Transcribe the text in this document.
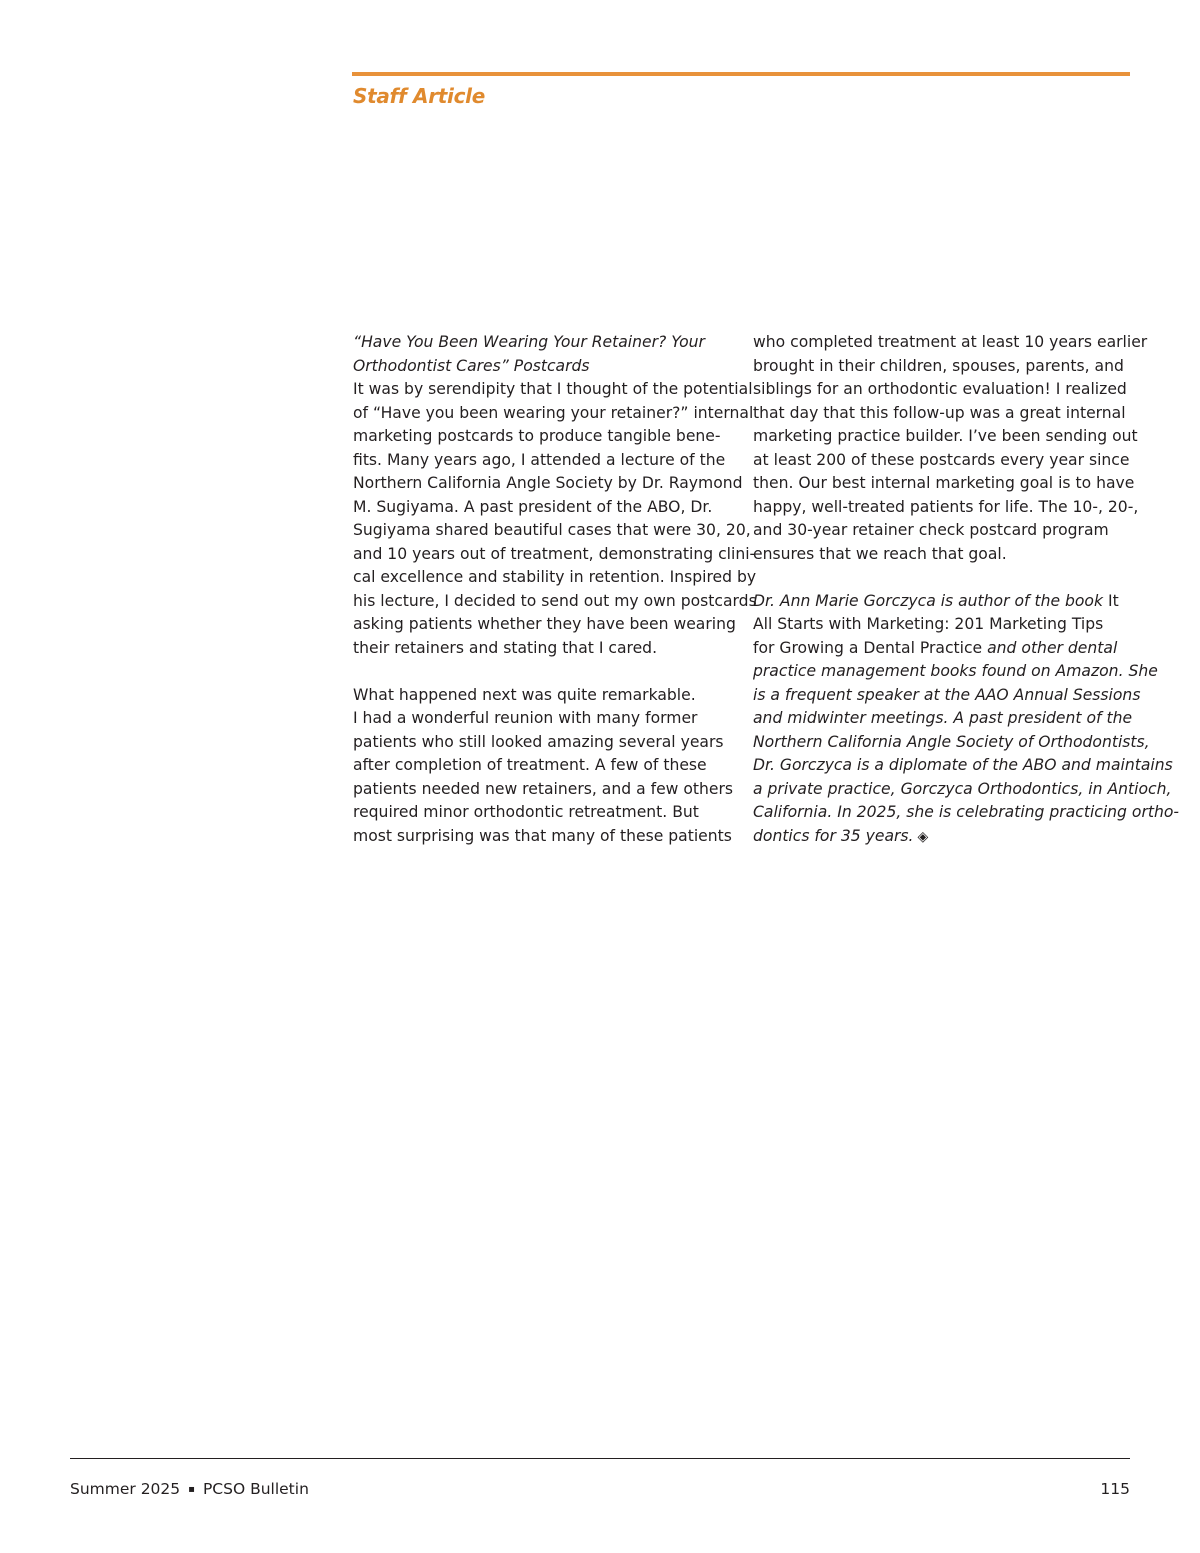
Staff Article
“Have You Been Wearing Your Retainer? Your
Orthodontist Cares” Postcards
It was by serendipity that I thought of the potential
of “Have you been wearing your retainer?” internal
marketing postcards to produce tangible bene-
fits. Many years ago, I attended a lecture of the
Northern California Angle Society by Dr. Raymond
M. Sugiyama. A past president of the ABO, Dr.
Sugiyama shared beautiful cases that were 30, 20,
and 10 years out of treatment, demonstrating clini-
cal excellence and stability in retention. Inspired by
his lecture, I decided to send out my own postcards
asking patients whether they have been wearing
their retainers and stating that I cared.
What happened next was quite remarkable.
I had a wonderful reunion with many former
patients who still looked amazing several years
after completion of treatment. A few of these
patients needed new retainers, and a few others
required minor orthodontic retreatment. But
most surprising was that many of these patients
who completed treatment at least 10 years earlier
brought in their children, spouses, parents, and
siblings for an orthodontic evaluation! I realized
that day that this follow-up was a great internal
marketing practice builder. I’ve been sending out
at least 200 of these postcards every year since
then. Our best internal marketing goal is to have
happy, well-treated patients for life. The 10-, 20-,
and 30-year retainer check postcard program
ensures that we reach that goal.
Dr. Ann Marie Gorczyca is author of the book It
All Starts with Marketing: 201 Marketing Tips
for Growing a Dental Practice and other dental
practice management books found on Amazon. She
is a frequent speaker at the AAO Annual Sessions
and midwinter meetings. A past president of the
Northern California Angle Society of Orthodontists,
Dr. Gorczyca is a diplomate of the ABO and maintains
a private practice, Gorczyca Orthodontics, in Antioch,
California. In 2025, she is celebrating practicing ortho-
dontics for 35 years. ◈
Summer 2025 ▪ PCSO Bulletin	115
